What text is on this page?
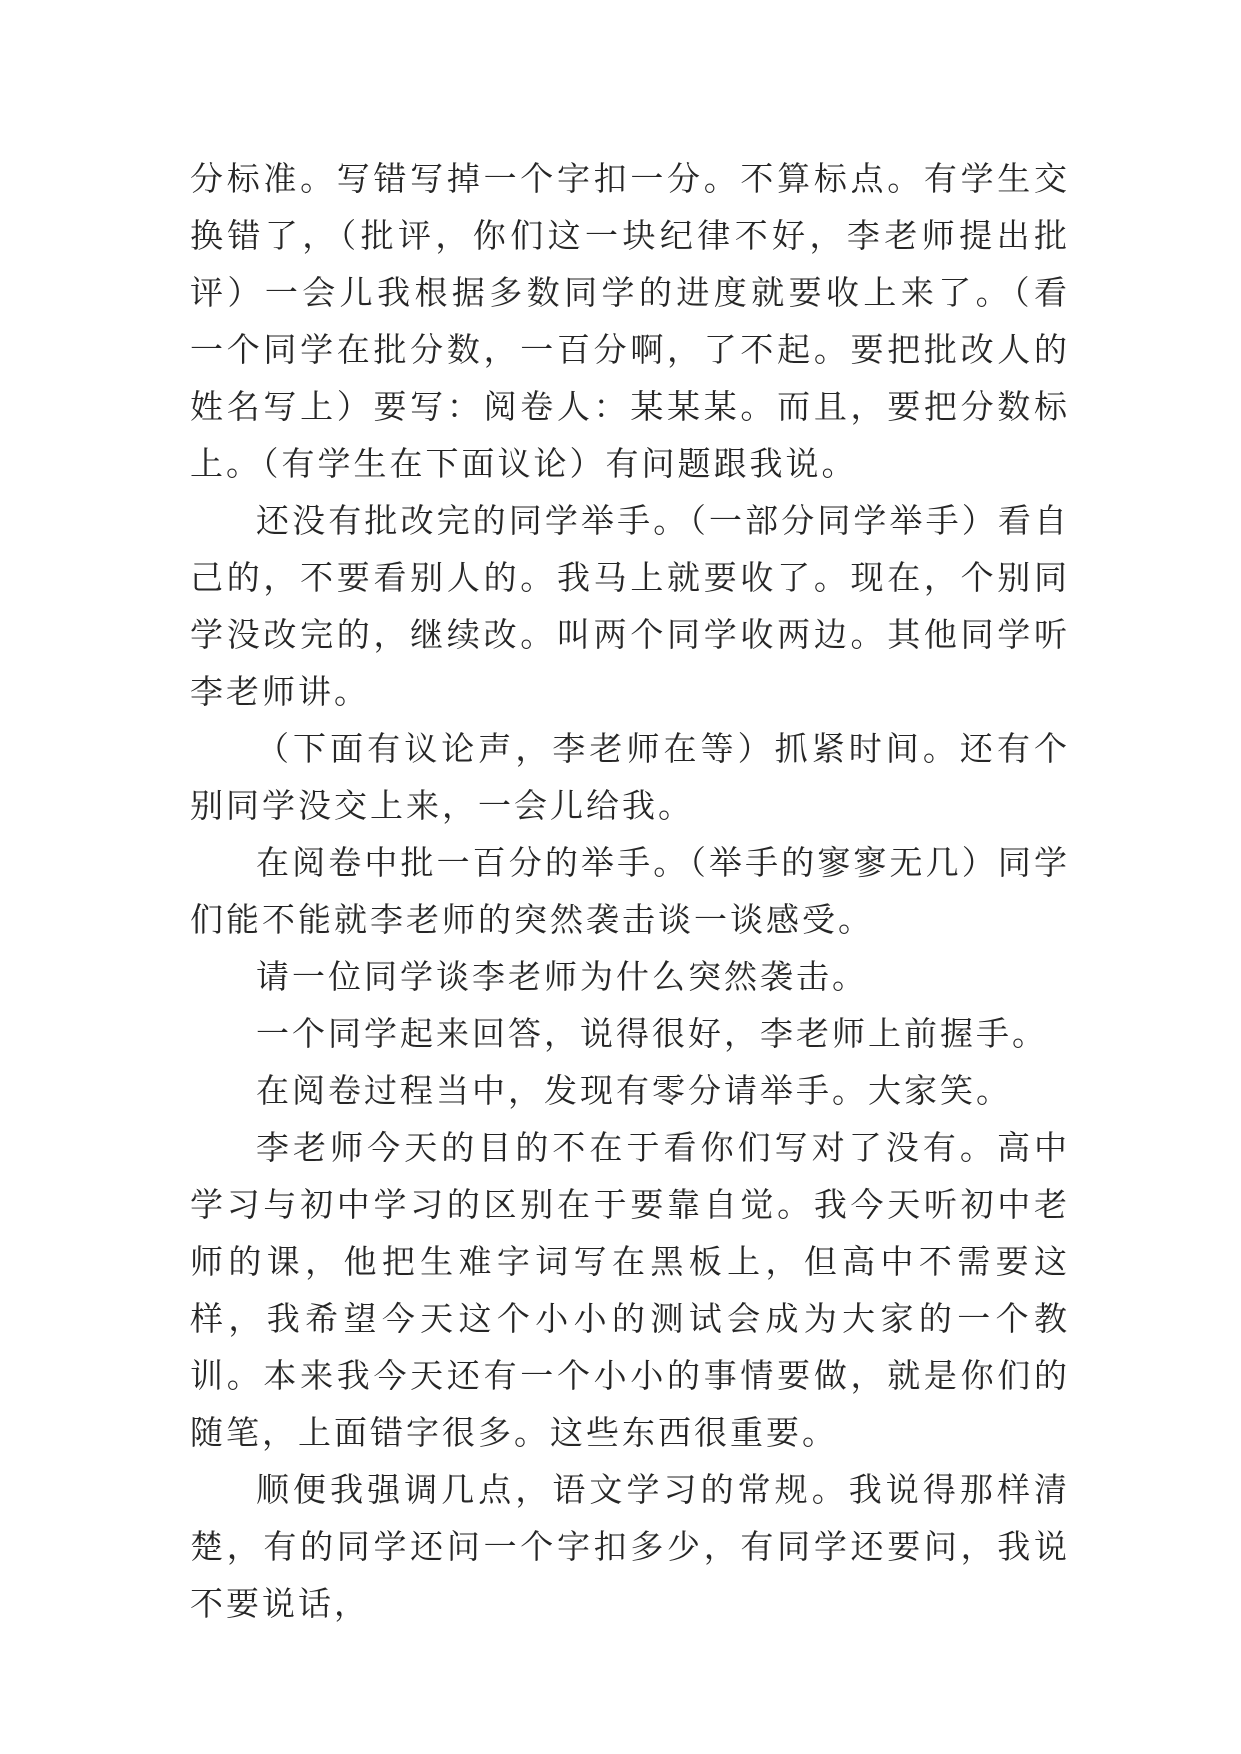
分标准。写错写掉一个字扣一分。不算标点。有学生交换错了，（批评，你们这一块纪律不好，李老师提出批评）一会儿我根据多数同学的进度就要收上来了。（看一个同学在批分数，一百分啊，了不起。要把批改人的姓名写上）要写：阅卷人：某某某。而且，要把分数标上。（有学生在下面议论）有问题跟我说。

还没有批改完的同学举手。（一部分同学举手）看自己的，不要看别人的。我马上就要收了。现在，个别同学没改完的，继续改。叫两个同学收两边。其他同学听李老师讲。

（下面有议论声，李老师在等）抓紧时间。还有个别同学没交上来，一会儿给我。

在阅卷中批一百分的举手。（举手的寥寥无几）同学们能不能就李老师的突然袭击谈一谈感受。

请一位同学谈李老师为什么突然袭击。

一个同学起来回答，说得很好，李老师上前握手。

在阅卷过程当中，发现有零分请举手。大家笑。

李老师今天的目的不在于看你们写对了没有。高中学习与初中学习的区别在于要靠自觉。我今天听初中老师的课，他把生难字词写在黑板上，但高中不需要这样，我希望今天这个小小的测试会成为大家的一个教训。本来我今天还有一个小小的事情要做，就是你们的随笔，上面错字很多。这些东西很重要。

顺便我强调几点，语文学习的常规。我说得那样清楚，有的同学还问一个字扣多少，有同学还要问，我说不要说话，
